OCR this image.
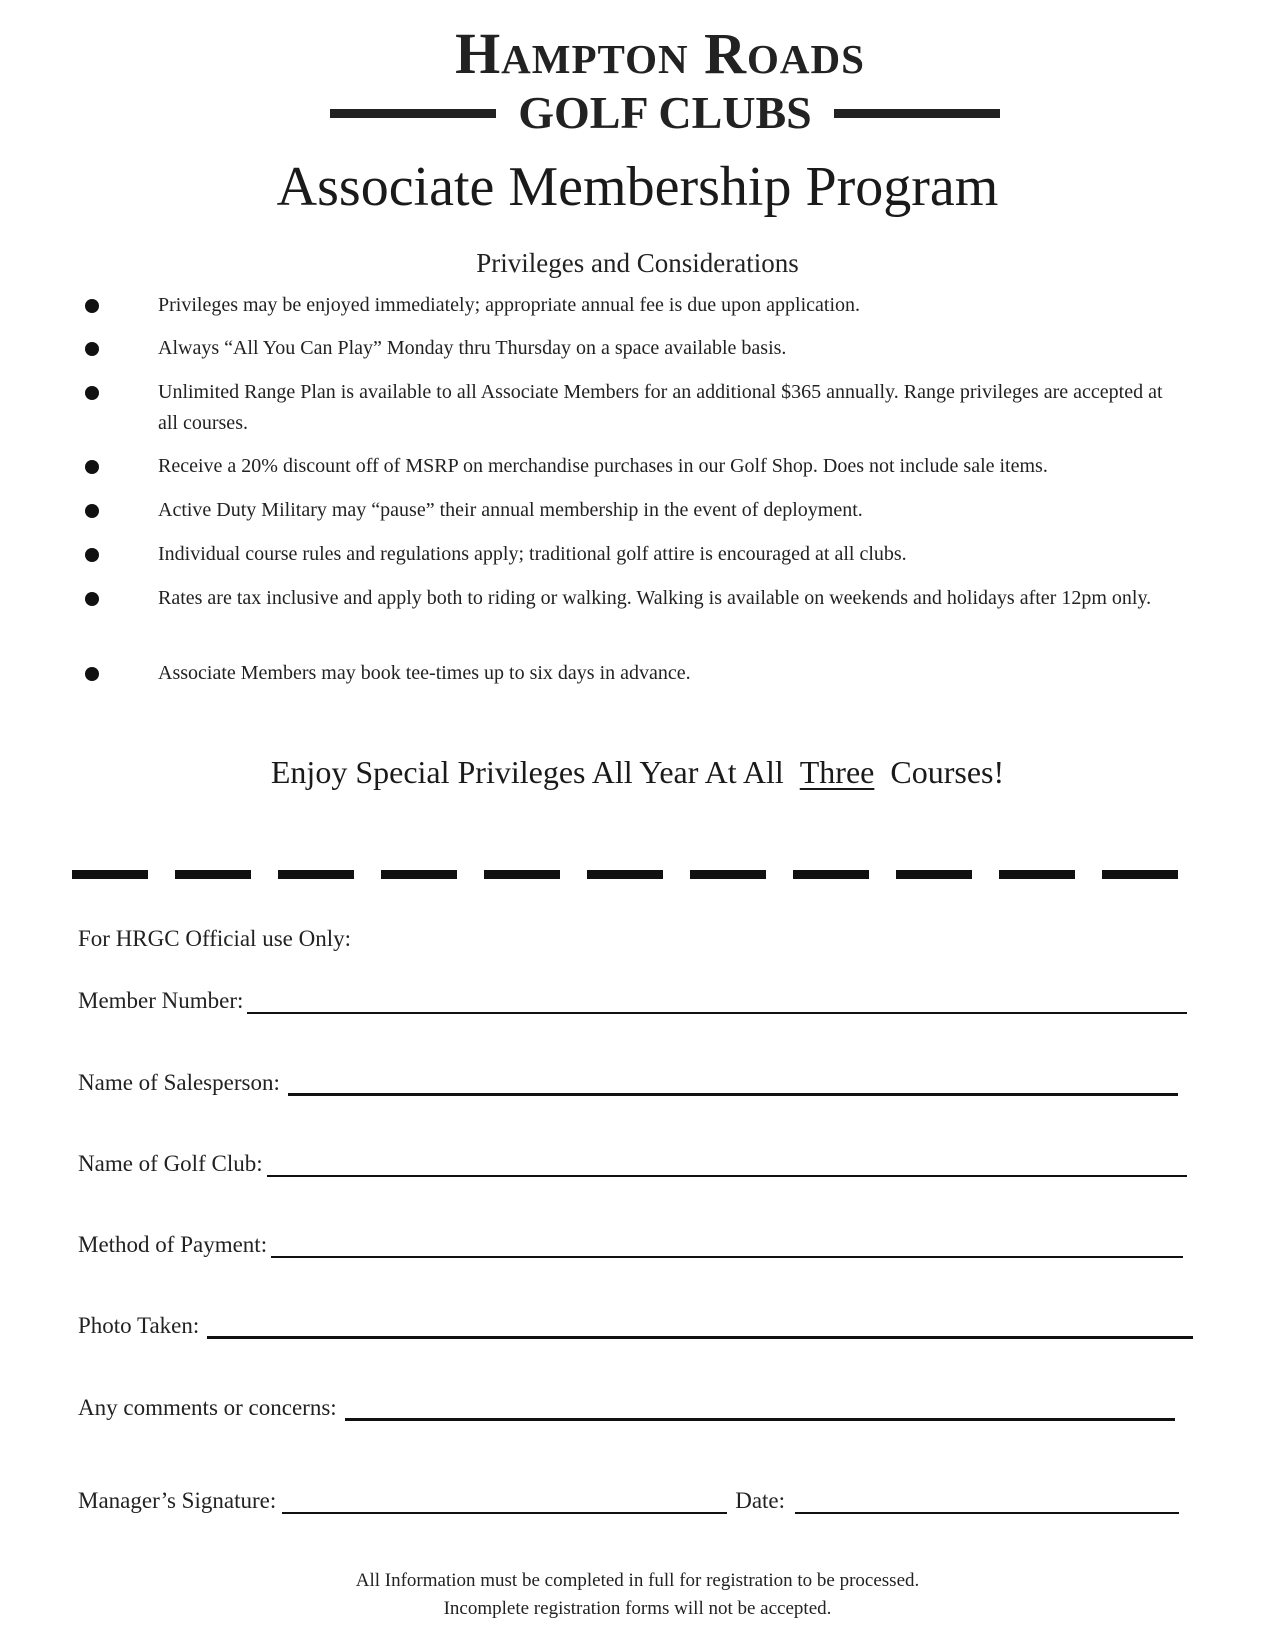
Hampton Roads
GOLF CLUBS
Associate Membership Program
Privileges and Considerations
Privileges may be enjoyed immediately; appropriate annual fee is due upon application.
Always “All You Can Play” Monday thru Thursday on a space available basis.
Unlimited Range Plan is available to all Associate Members for an additional $365 annually. Range privileges are accepted at all courses.
Receive a 20% discount off of MSRP on merchandise purchases in our Golf Shop. Does not include sale items.
Active Duty Military may “pause” their annual membership in the event of deployment.
Individual course rules and regulations apply; traditional golf attire is encouraged at all clubs.
Rates are tax inclusive and apply both to riding or walking. Walking is available on weekends and holidays after 12pm only.
Associate Members may book tee-times up to six days in advance.
Enjoy Special Privileges All Year At All Three Courses!
For HRGC Official use Only:
Member Number:
Name of Salesperson:
Name of Golf Club:
Method of Payment:
Photo Taken:
Any comments or concerns:
Manager’s Signature:	Date:
All Information must be completed in full for registration to be processed.
Incomplete registration forms will not be accepted.
